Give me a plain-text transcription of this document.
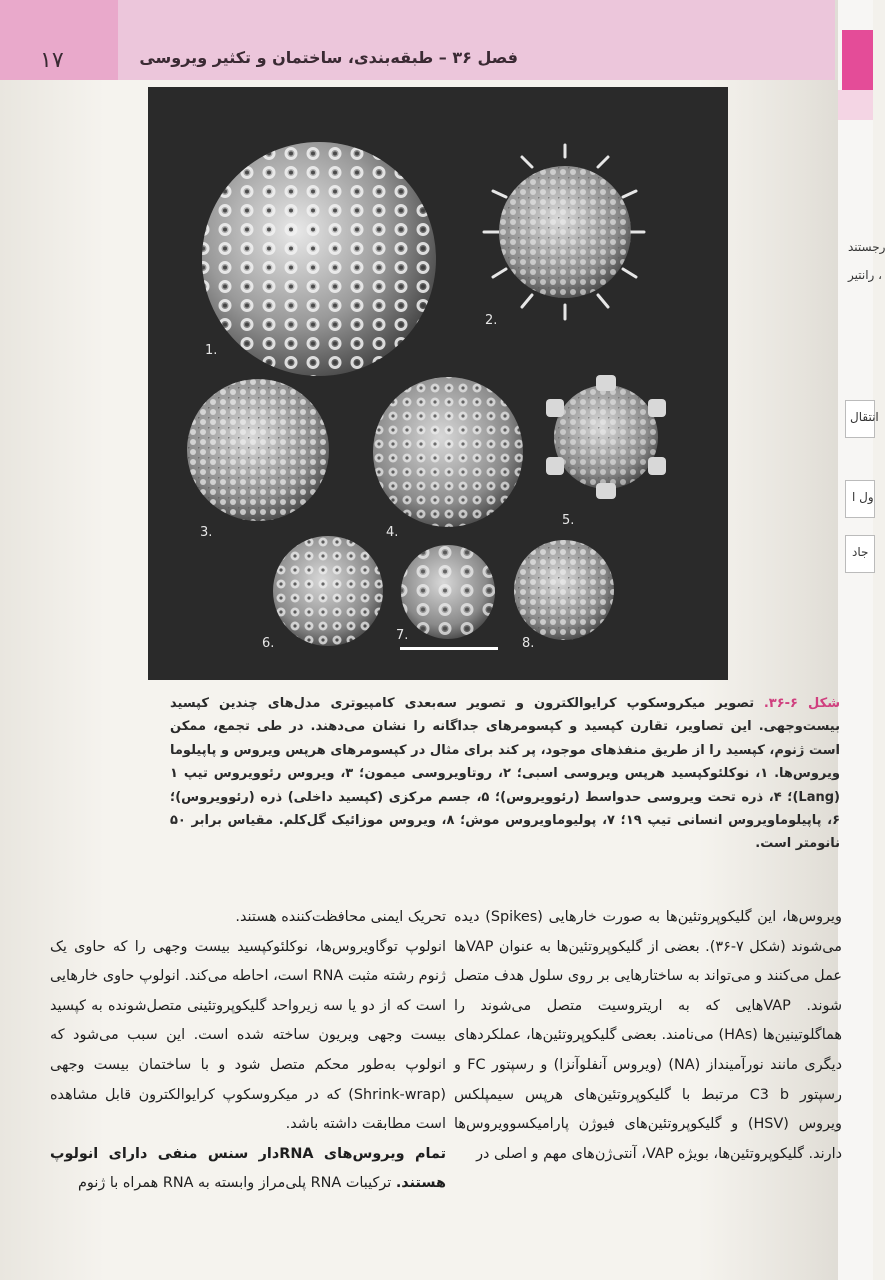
۱۷	فصل ۳۶ – طبقه‌بندی، ساختمان و تکثیر ویروسی
رجستند
، رانتیر
انتقال
ول ا
جاد
1.
2.
3.	4.
5.
6.
7.
8.
شکل ۶-۳۶. تصویر میکروسکوپ کرایوالکترون و تصویر سه‌بعدی کامپیوتری مدل‌های چندین کپسید بیست‌وجهی. این تصاویر، تقارن کپسید و کپسومرهای جداگانه را نشان می‌دهند. در طی تجمع، ممکن است ژنوم، کپسید را از طریق منفذهای موجود، پر کند برای مثال در کپسومرهای هرپس ویروس و پاپیلوما ویروس‌ها. ۱، نوکلئوکپسید هرپس ویروسی اسبی؛ ۲، روتاویروسی میمون؛ ۳، ویروس رئوویروس تیپ ۱ (Lang)؛ ۴، ذره تحت ویروسی حدواسط (رئوویروس)؛ ۵، جسم مرکزی (کپسید داخلی) ذره (رئوویروس)؛ ۶، پاپیلوماویروس انسانی تیپ ۱۹؛ ۷، پولیوماویروس موش؛ ۸، ویروس موزائیک گل‌کلم. مقیاس برابر ۵۰ نانومتر است.

ویروس‌ها، این گلیکوپروتئین‌ها به صورت خارهایی (Spikes) دیده می‌شوند (شکل ۷-۳۶). بعضی از گلیکوپروتئین‌ها به عنوان VAPها عمل می‌کنند و می‌تواند به ساختارهایی بر روی سلول هدف متصل شوند. VAPهایی که به اریتروسیت متصل می‌شوند را هماگلوتینین‌ها (HAs) می‌نامند. بعضی گلیکوپروتئین‌ها، عملکردهای دیگری مانند نورآمینداز (NA) (ویروس آنفلوآنزا) و رسپتور FC و رسپتور C3 b مرتبط با گلیکوپروتئین‌های هرپس سیمپلکس ویروس (HSV) و گلیکوپروتئین‌های فیوژن پارامیکسوویروس‌ها دارند. گلیکوپروتئین‌ها، بویژه VAP، آنتی‌ژن‌های مهم و اصلی در

تحریک ایمنی محافظت‌کننده هستند.

انولوپ توگاویروس‌ها، نوکلئوکپسید بیست وجهی را که حاوی یک ژنوم رشته مثبت RNA است، احاطه می‌کند. انولوپ حاوی خارهایی است که از دو یا سه زیرواحد گلیکوپروتئینی متصل‌شونده به کپسید بیست وجهی ویریون ساخته شده است. این سبب می‌شود که انولوپ به‌طور محکم متصل شود و با ساختمان بیست وجهی (Shrink-wrap) که در میکروسکوپ کرایوالکترون قابل مشاهده است مطابقت داشته باشد.

تمام ویروس‌های RNAدار سنس منفی دارای انولوپ هستند. ترکیبات RNA پلی‌مراز وابسته به RNA همراه با ژنوم
